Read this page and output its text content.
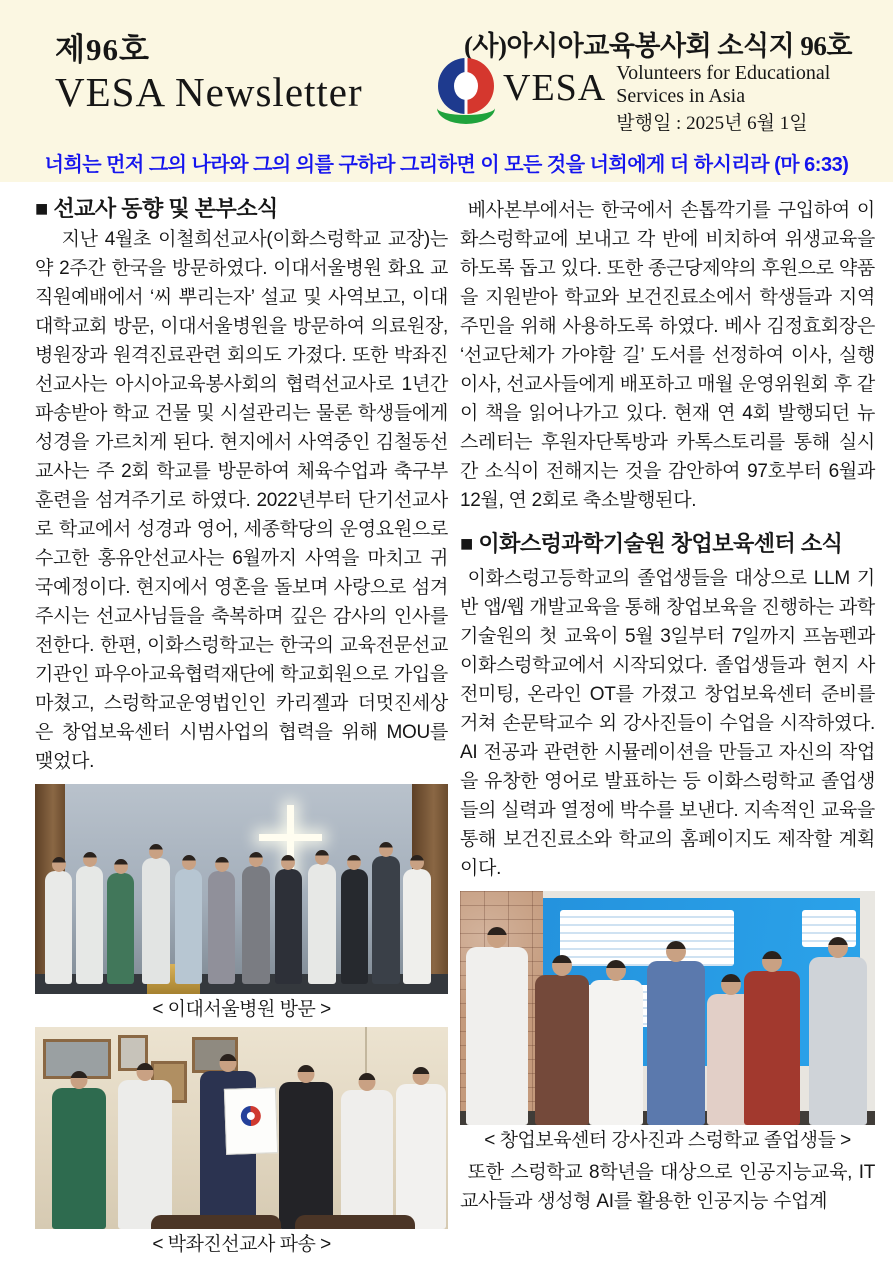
제96호
VESA Newsletter
(사)아시아교육봉사회 소식지 96호
VESA Volunteers for Educational
Services in Asia
발행일 : 2025년 6월 1일
너희는 먼저 그의 나라와 그의 의를 구하라 그리하면 이 모든 것을 너희에게 더 하시리라 (마 6:33)
■ 선교사 동향 및 본부소식

지난 4월초 이철희선교사(이화스렁학교 교장)는 약 2주간 한국을 방문하였다. 이대서울병원 화요 교직원예배에서 ‘씨 뿌리는자’ 설교 및 사역보고, 이대대학교회 방문, 이대서울병원을 방문하여 의료원장, 병원장과 원격진료관련 회의도 가졌다. 또한 박좌진선교사는 아시아교육봉사회의 협력선교사로 1년간 파송받아 학교 건물 및 시설관리는 물론 학생들에게 성경을 가르치게 된다. 현지에서 사역중인 김철동선교사는 주 2회 학교를 방문하여 체육수업과 축구부 훈련을 섬겨주기로 하였다. 2022년부터 단기선교사로 학교에서 성경과 영어, 세종학당의 운영요원으로 수고한 홍유안선교사는 6월까지 사역을 마치고 귀국예정이다. 현지에서 영혼을 돌보며 사랑으로 섬겨주시는 선교사님들을 축복하며 깊은 감사의 인사를 전한다. 한편, 이화스렁학교는 한국의 교육전문선교기관인 파우아교육협력재단에 학교회원으로 가입을 마쳤고, 스렁학교운영법인인 카리젤과 더멋진세상은 창업보육센터 시범사업의 협력을 위해 MOU를 맺었다.

< 이대서울병원 방문 >
< 박좌진선교사 파송 >

베사본부에서는 한국에서 손톱깍기를 구입하여 이화스렁학교에 보내고 각 반에 비치하여 위생교육을 하도록 돕고 있다. 또한 종근당제약의 후원으로 약품을 지원받아 학교와 보건진료소에서 학생들과 지역주민을 위해 사용하도록 하였다. 베사 김정효회장은 ‘선교단체가 가야할 길’ 도서를 선정하여 이사, 실행이사, 선교사들에게 배포하고 매월 운영위원회 후 같이 책을 읽어나가고 있다. 현재 연 4회 발행되던 뉴스레터는 후원자단톡방과 카톡스토리를 통해 실시간 소식이 전해지는 것을 감안하여 97호부터 6월과 12월, 연 2회로 축소발행된다.

■ 이화스렁과학기술원 창업보육센터 소식

이화스렁고등학교의 졸업생들을 대상으로 LLM 기반 앱/웹 개발교육을 통해 창업보육을 진행하는 과학기술원의 첫 교육이 5월 3일부터 7일까지 프놈펜과 이화스렁학교에서 시작되었다. 졸업생들과 현지 사전미팅, 온라인 OT를 가졌고 창업보육센터 준비를 거쳐 손문탁교수 외 강사진들이 수업을 시작하였다. AI 전공과 관련한 시뮬레이션을 만들고 자신의 작업을 유창한 영어로 발표하는 등 이화스렁학교 졸업생들의 실력과 열정에 박수를 보낸다. 지속적인 교육을 통해 보건진료소와 학교의 홈페이지도 제작할 계획이다.

< 창업보육센터 강사진과 스렁학교 졸업생들 >

또한 스렁학교 8학년을 대상으로 인공지능교육, IT교사들과 생성형 AI를 활용한 인공지능 수업계
